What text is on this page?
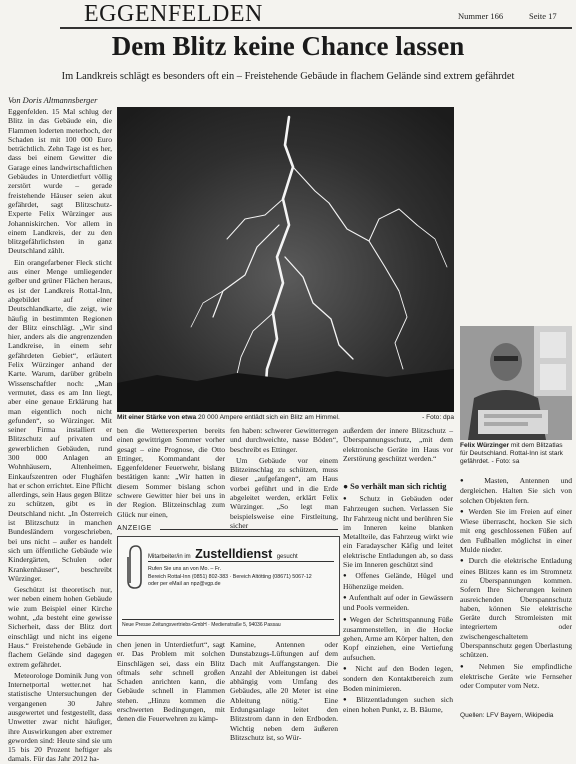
EGGENFELDEN	Nummer 166	Seite 17
Dem Blitz keine Chance lassen
Im Landkreis schlägt es besonders oft ein – Freistehende Gebäude in flachem Gelände sind extrem gefährdet
Von Doris Altmannsberger

Eggenfelden. 15 Mal schlug der Blitz in das Gebäude ein, die Flammen loderten meterhoch, der Schaden ist mit 100 000 Euro beträchtlich. Zehn Tage ist es her, dass bei einem Gewitter die Garage eines landwirtschaftlichen Gebäudes in Unterdietfurt völlig zerstört wurde – gerade freistehende Häuser seien akut gefährdet, sagt Blitzschutz-Experte Felix Würzinger aus Johanniskirchen. Vor allem in einem Landkreis, der zu den blitzgefährlichsten in ganz Deutschland zählt.

Ein orangefarbener Fleck sticht aus einer Menge umliegender gelber und grüner Flächen heraus, es ist der Landkreis Rottal-Inn, abgebildet auf einer Deutschlandkarte, die zeigt, wie häufig in bestimmten Regionen der Blitz einschlägt. „Wir sind hier, anders als die angrenzenden Landkreise, in einem sehr gefährdeten Gebiet“, erläutert Felix Würzinger anhand der Karte. Warum, darüber grübeln Wissenschaftler noch: „Man vermutet, dass es am Inn liegt, aber eine genaue Erklärung hat man eigentlich noch nicht gefunden“, so Würzinger. Mit seiner Firma installiert er Blitzschutz auf privaten und gewerblichen Gebäuden, rund 300 000 Anlagen an Wohnhäusern, Altenheimen, Einkaufszentren oder Flughäfen hat er schon errichtet. Eine Pflicht allerdings, sein Haus gegen Blitze zu schützen, gibt es in Deutschland nicht. „In Österreich ist Blitzschutz in manchen Bundesländern vorgeschrieben, bei uns nicht – außer es handelt sich um öffentliche Gebäude wie Kindergärten, Schulen oder Krankenhäuser“, beschreibt Würzinger.

Geschützt ist theoretisch nur, wer neben einem hohen Gebäude wie zum Beispiel einer Kirche wohnt, „da besteht eine gewisse Sicherheit, dass der Blitz dort einschlägt und nicht ins eigene Haus.“ Freistehende Gebäude in flachem Gelände sind dagegen extrem gefährdet.

Meteorologe Dominik Jung von Internetportal wetter.net hat statistische Untersuchungen der vergangenen 30 Jahre ausgewertet und festgestellt, dass Unwetter zwar nicht häufiger, ihre Auswirkungen aber extremer geworden sind: Heute sind sie um 15 bis 20 Prozent heftiger als damals. Für das Jahr 2012 ha-

Mit einer Stärke von etwa 20 000 Ampere entlädt sich ein Blitz am Himmel.	- Foto: dpa

ben die Wetterexperten bereits einen gewittrigen Sommer vorher gesagt – eine Prognose, die Otto Ettinger, Kommandant der Eggenfeldener Feuerwehr, bislang bestätigen kann: „Wir hatten in diesem Sommer bislang schon schwere Gewitter hier bei uns in der Region. Blitzeinschlag zum Glück nur einen,

fen haben: schwerer Gewitterregen und durchweichte, nasse Böden“, beschreibt es Ettinger.

Um Gebäude vor einem Blitzeinschlag zu schützen, muss dieser „aufgefangen“, am Haus vorbei geführt und in die Erde abgeleitet werden, erklärt Felix Würzinger. „So legt man beispielsweise eine Firstleitung, sicher

außerdem der innere Blitzschutz – Überspannungsschutz, „mit dem elektronische Geräte im Haus vor Zerstörung geschützt werden.“

● So verhält man sich richtig

● Schutz in Gebäuden oder Fahrzeugen suchen. Verlassen Sie Ihr Fahrzeug nicht und berühren Sie im Inneren keine blanken Metallteile, das Fahrzeug wirkt wie ein Faradayscher Käfig und leitet elektrische Entladungen ab, so dass Sie im Inneren geschützt sind

● Offenes Gelände, Hügel und Höhenzüge meiden.

● Aufenthalt auf oder in Gewässern und Pools vermeiden.

● Wegen der Schrittspannung Füße zusammenstellen, in die Hocke gehen, Arme am Körper halten, den Kopf einziehen, eine Vertiefung aufsuchen.

● Nicht auf den Boden legen, sondern den Kontaktbereich zum Boden minimieren.

● Blitzentladungen suchen sich einen hohen Punkt, z. B. Bäume,

Felix Würzinger mit dem Blitzatlas für Deutschland. Rottal-Inn ist stark gefährdet. - Foto: sa

● Masten, Antennen und dergleichen. Halten Sie sich von solchen Objekten fern.

● Werden Sie im Freien auf einer Wiese überrascht, hocken Sie sich mit eng geschlossenen Füßen auf den Fußballen möglichst in einer Mulde nieder.

● Durch die elektrische Entladung eines Blitzes kann es im Stromnetz zu Überspannungen kommen. Sofern Ihre Sicherungen keinen ausreichenden Überspannschutz haben, können Sie elektrische Geräte durch Stromleisten mit integriertem oder zwischengeschaltetem Überspannschutz gegen Überlastung schützen.

● Nehmen Sie empfindliche elektrische Geräte wie Fernseher oder Computer vom Netz.

Quellen: LFV Bayern, Wikipedia
ANZEIGE
Mitarbeiter/in im Zustelldienst gesucht
Rufen Sie uns an von Mo. – Fr.
Bereich Rottal-Inn (0851) 802-383 · Bereich Altötting (08671) 5067-12
oder per eMail an npz@vgp.de
Neue Presse Zeitungsvertriebs-GmbH · Medienstraße 5, 94036 Passau

chen jenen in Unterdietfurt“, sagt er. Das Problem mit solchen Einschlägen sei, dass ein Blitz oftmals sehr schnell großen Schaden anrichten kann, die Gebäude schnell in Flammen stehen. „Hinzu kommen die erschwerten Bedingungen, mit denen die Feuerwehren zu kämp-

Kamine, Antennen oder Dunstabzugs-Lüftungen auf dem Dach mit Auffangstangen. Die Anzahl der Ableitungen ist dabei abhängig vom Umfang des Gebäudes, alle 20 Meter ist eine Ableitung nötig.“ Eine Erdungsanlage leitet den Blitzstrom dann in den Erdboden. Wichtig neben dem äußeren Blitzschutz ist, so Wür-
